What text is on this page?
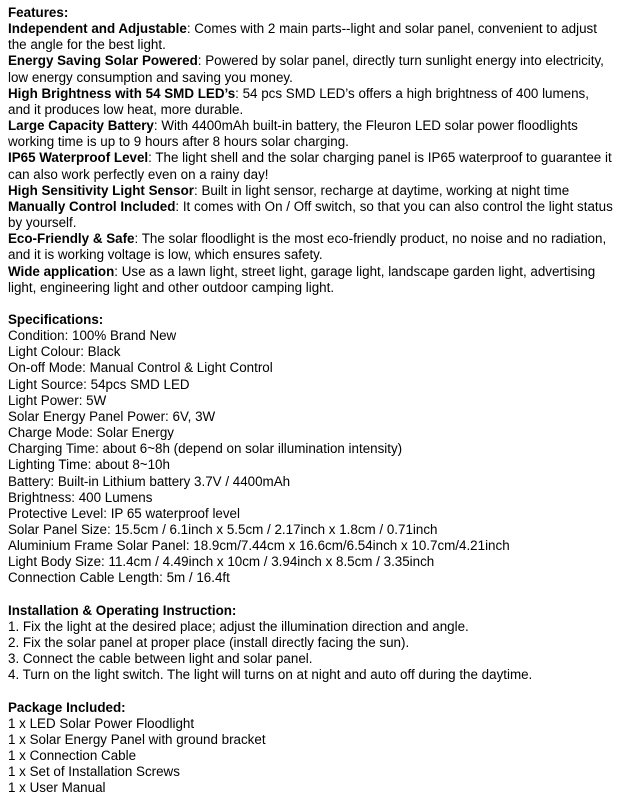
Features:
Independent and Adjustable: Comes with 2 main parts--light and solar panel, convenient to adjust the angle for the best light.
Energy Saving Solar Powered: Powered by solar panel, directly turn sunlight energy into electricity, low energy consumption and saving you money.
High Brightness with 54 SMD LED’s: 54 pcs SMD LED’s offers a high brightness of 400 lumens, and it produces low heat, more durable.
Large Capacity Battery: With 4400mAh built-in battery, the Fleuron LED solar power floodlights working time is up to 9 hours after 8 hours solar charging.
IP65 Waterproof Level: The light shell and the solar charging panel is IP65 waterproof to guarantee it can also work perfectly even on a rainy day!
High Sensitivity Light Sensor: Built in light sensor, recharge at daytime, working at night time
Manually Control Included: It comes with On / Off switch, so that you can also control the light status by yourself.
Eco-Friendly & Safe: The solar floodlight is the most eco-friendly product, no noise and no radiation, and it is working voltage is low, which ensures safety.
Wide application: Use as a lawn light, street light, garage light, landscape garden light, advertising light, engineering light and other outdoor camping light.
Specifications:
Condition: 100% Brand New
Light Colour: Black
On-off Mode: Manual Control & Light Control
Light Source: 54pcs SMD LED
Light Power: 5W
Solar Energy Panel Power: 6V, 3W
Charge Mode: Solar Energy
Charging Time: about 6~8h (depend on solar illumination intensity)
Lighting Time: about 8~10h
Battery: Built-in Lithium battery 3.7V / 4400mAh
Brightness: 400 Lumens
Protective Level: IP 65 waterproof level
Solar Panel Size: 15.5cm / 6.1inch x 5.5cm / 2.17inch x 1.8cm / 0.71inch
Aluminium Frame Solar Panel: 18.9cm/7.44cm x 16.6cm/6.54inch x 10.7cm/4.21inch
Light Body Size: 11.4cm / 4.49inch x 10cm / 3.94inch x 8.5cm / 3.35inch
Connection Cable Length: 5m / 16.4ft
Installation & Operating Instruction:
1. Fix the light at the desired place; adjust the illumination direction and angle.
2. Fix the solar panel at proper place (install directly facing the sun).
3. Connect the cable between light and solar panel.
4. Turn on the light switch. The light will turns on at night and auto off during the daytime.
Package Included:
1 x LED Solar Power Floodlight
1 x Solar Energy Panel with ground bracket
1 x Connection Cable
1 x Set of Installation Screws
1 x User Manual
